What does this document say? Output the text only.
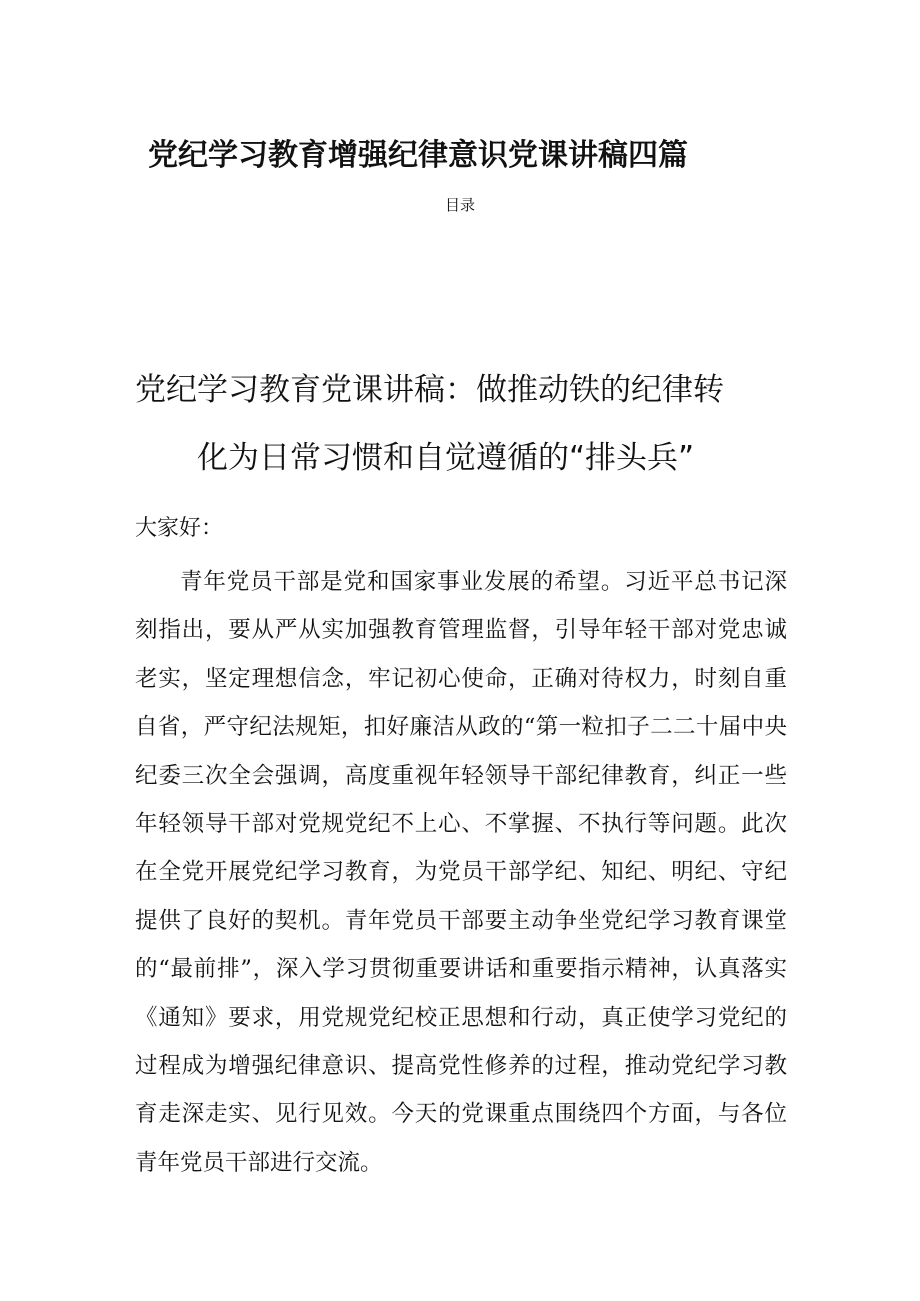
党纪学习教育增强纪律意识党课讲稿四篇

目录

党纪学习教育党课讲稿：做推动铁的纪律转
化为日常习惯和自觉遵循的“排头兵”

大家好：

青年党员干部是党和国家事业发展的希望。习近平总书记深刻指出，要从严从实加强教育管理监督，引导年轻干部对党忠诚老实，坚定理想信念，牢记初心使命，正确对待权力，时刻自重自省，严守纪法规矩，扣好廉洁从政的“第一粒扣子二二十届中央纪委三次全会强调，高度重视年轻领导干部纪律教育，纠正一些年轻领导干部对党规党纪不上心、不掌握、不执行等问题。此次在全党开展党纪学习教育，为党员干部学纪、知纪、明纪、守纪提供了良好的契机。青年党员干部要主动争坐党纪学习教育课堂的“最前排”，深入学习贯彻重要讲话和重要指示精神，认真落实《通知》要求，用党规党纪校正思想和行动，真正使学习党纪的过程成为增强纪律意识、提高党性修养的过程，推动党纪学习教育走深走实、见行见效。今天的党课重点围绕四个方面，与各位青年党员干部进行交流。
